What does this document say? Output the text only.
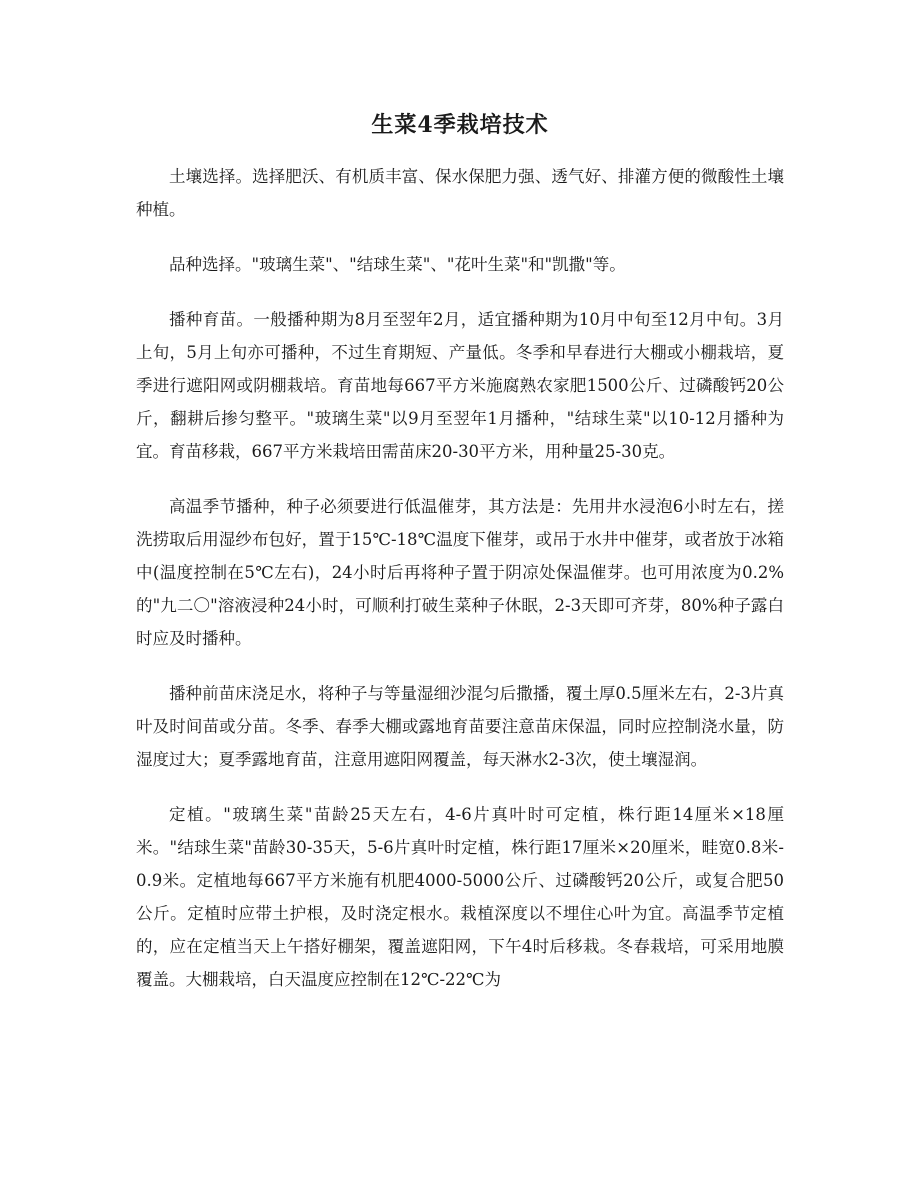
生菜4季栽培技术

土壤选择。选择肥沃、有机质丰富、保水保肥力强、透气好、排灌方便的微酸性土壤种植。

品种选择。"玻璃生菜"、"结球生菜"、"花叶生菜"和"凯撒"等。

播种育苗。一般播种期为8月至翌年2月，适宜播种期为10月中旬至12月中旬。3月上旬，5月上旬亦可播种，不过生育期短、产量低。冬季和早春进行大棚或小棚栽培，夏季进行遮阳网或阴棚栽培。育苗地每667平方米施腐熟农家肥1500公斤、过磷酸钙20公斤，翻耕后掺匀整平。"玻璃生菜"以9月至翌年1月播种，"结球生菜"以10-12月播种为宜。育苗移栽，667平方米栽培田需苗床20-30平方米，用种量25-30克。

高温季节播种，种子必须要进行低温催芽，其方法是：先用井水浸泡6小时左右，搓洗捞取后用湿纱布包好，置于15℃-18℃温度下催芽，或吊于水井中催芽，或者放于冰箱中(温度控制在5℃左右)，24小时后再将种子置于阴凉处保温催芽。也可用浓度为0.2%的"九二〇"溶液浸种24小时，可顺利打破生菜种子休眠，2-3天即可齐芽，80%种子露白时应及时播种。

播种前苗床浇足水，将种子与等量湿细沙混匀后撒播，覆土厚0.5厘米左右，2-3片真叶及时间苗或分苗。冬季、春季大棚或露地育苗要注意苗床保温，同时应控制浇水量，防湿度过大；夏季露地育苗，注意用遮阳网覆盖，每天淋水2-3次，使土壤湿润。

定植。"玻璃生菜"苗龄25天左右，4-6片真叶时可定植，株行距14厘米×18厘米。"结球生菜"苗龄30-35天，5-6片真叶时定植，株行距17厘米×20厘米，畦宽0.8米-0.9米。定植地每667平方米施有机肥4000-5000公斤、过磷酸钙20公斤，或复合肥50公斤。定植时应带土护根，及时浇定根水。栽植深度以不埋住心叶为宜。高温季节定植的，应在定植当天上午搭好棚架，覆盖遮阳网，下午4时后移栽。冬春栽培，可采用地膜覆盖。大棚栽培，白天温度应控制在12℃-22℃为
